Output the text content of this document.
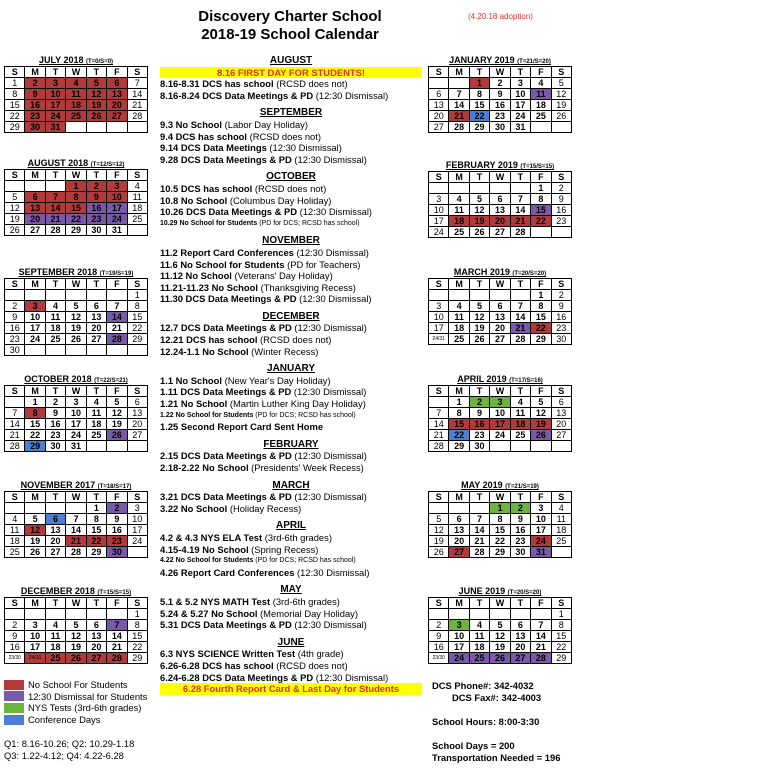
Discovery Charter School
2018-19 School Calendar
(4.20.18 adoption)
JULY 2018 (T=0/S=0)
S	M	T	W	T	F	S
1	2	3	4	5	6	7
8	9	10	11	12	13	14
15	16	17	18	19	20	21
22	23	24	25	26	27	28
29	30	31				
AUGUST 2018 (T=12/S=12)
S	M	T	W	T	F	S
			1	2	3	4
5	6	7	8	9	10	11
12	13	14	15	16	17	18
19	20	21	22	23	24	25
26	27	28	29	30	31	
SEPTEMBER 2018 (T=19/S=19)
S	M	T	W	T	F	S
						1
2	3	4	5	6	7	8
9	10	11	12	13	14	15
16	17	18	19	20	21	22
23	24	25	26	27	28	29
30						
OCTOBER 2018 (T=22/S=21)
S	M	T	W	T	F	S
	1	2	3	4	5	6
7	8	9	10	11	12	13
14	15	16	17	18	19	20
21	22	23	24	25	26	27
28	29	30	31			
NOVEMBER 2017 (T=18/S=17)
S	M	T	W	T	F	S
				1	2	3
4	5	6	7	8	9	10
11	12	13	14	15	16	17
18	19	20	21	22	23	24
25	26	27	28	29	30	
DECEMBER 2018 (T=15/S=15)
S	M	T	W	T	F	S
						1
2	3	4	5	6	7	8
9	10	11	12	13	14	15
16	17	18	19	20	21	22
23/30	24/31	25	26	27	28	29
JANUARY 2019 (T=21/S=20)
S	M	T	W	T	F	S
		1	2	3	4	5
6	7	8	9	10	11	12
13	14	15	16	17	18	19
20	21	22	23	24	25	26
27	28	29	30	31		
FEBRUARY 2019 (T=15/S=15)
S	M	T	W	T	F	S
					1	2
3	4	5	6	7	8	9
10	11	12	13	14	15	16
17	18	19	20	21	22	23
24	25	26	27	28		
MARCH 2019 (T=20/S=20)
S	M	T	W	T	F	S
					1	2
3	4	5	6	7	8	9
10	11	12	13	14	15	16
17	18	19	20	21	22	23
24/31	25	26	27	28	29	30
APRIL 2019 (T=17/S=16)
S	M	T	W	T	F	S
	1	2	3	4	5	6
7	8	9	10	11	12	13
14	15	16	17	18	19	20
21	22	23	24	25	26	27
28	29	30				
MAY 2019 (T=21/S=19)
S	M	T	W	T	F	S
			1	2	3	4
5	6	7	8	9	10	11
12	13	14	15	16	17	18
19	20	21	22	23	24	25
26	27	28	29	30	31	
JUNE 2019 (T=20/S=20)
S	M	T	W	T	F	S
						1
2	3	4	5	6	7	8
9	10	11	12	13	14	15
16	17	18	19	20	21	22
23/30	24	25	26	27	28	29
AUGUST
8.16 FIRST DAY FOR STUDENTS!
8.16-8.31 DCS has school (RCSD does not)
8.16-8.24 DCS Data Meetings & PD (12:30 Dismissal)
SEPTEMBER
9.3 No School (Labor Day Holiday)
9.4 DCS has school (RCSD does not)
9.14 DCS Data Meetings (12:30 Dismissal)
9.28 DCS Data Meetings & PD (12:30 Dismissal)
OCTOBER
10.5 DCS has school (RCSD does not)
10.8 No School (Columbus Day Holiday)
10.26 DCS Data Meetings & PD (12:30 Dismissal)
10.29 No School for Students (PD for DCS; RCSD has school)
NOVEMBER
11.2 Report Card Conferences (12:30 Dismissal)
11.6 No School for Students (PD for Teachers)
11.12 No School (Veterans' Day Holiday)
11.21-11.23 No School (Thanksgiving Recess)
11.30 DCS Data Meetings & PD (12:30 Dismissal)
DECEMBER
12.7 DCS Data Meetings & PD (12:30 Dismissal)
12.21 DCS has school (RCSD does not)
12.24-1.1 No School (Winter Recess)
JANUARY
1.1 No School (New Year's Day Holiday)
1.11 DCS Data Meetings & PD (12:30 Dismissal)
1.21 No School (Martin Luther King Day Holiday)
1.22 No School for Students (PD for DCS; RCSD has school)
1.25 Second Report Card Sent Home
FEBRUARY
2.15 DCS Data Meetings & PD (12:30 Dismissal)
2.18-2.22 No School (Presidents' Week Recess)
MARCH
3.21 DCS Data Meetings & PD (12:30 Dismissal)
3.22 No School (Holiday Recess)
APRIL
4.2 & 4.3 NYS ELA Test (3rd-6th grades)
4.15-4.19 No School (Spring Recess)
4.22 No School for Students (PD for DCS; RCSD has school)
4.26 Report Card Conferences (12:30 Dismissal)
MAY
5.1 & 5.2 NYS MATH Test (3rd-6th grades)
5.24 & 5.27 No School (Memorial Day Holiday)
5.31 DCS Data Meetings & PD (12:30 Dismissal)
JUNE
6.3 NYS SCIENCE Written Test (4th grade)
6.26-6.28 DCS has school (RCSD does not)
6.24-6.28 DCS Data Meetings & PD (12:30 Dismissal)
6.28 Fourth Report Card & Last Day for Students
No School For Students
12:30 Dismissal for Students
NYS Tests (3rd-6th grades)
Conference Days
Q1: 8.16-10.26; Q2: 10.29-1.18
Q3: 1.22-4.12; Q4: 4.22-6.28
DCS Phone#: 342-4032
DCS Fax#: 342-4003
School Hours: 8:00-3:30
School Days = 200
Transportation Needed = 196
